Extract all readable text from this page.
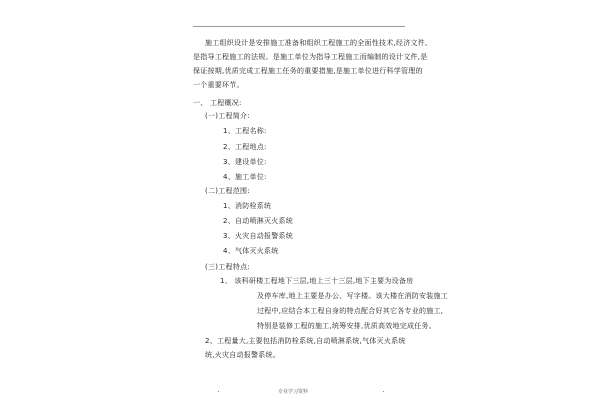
施工组织设计是安排施工准备和组织工程施工的全面性技术,经济文件,
是指导工程施工的法规。是施工单位为指导工程施工而编制的设计文件,是
保证按期,优质完成工程施工任务的重要措施,是施工单位进行科学管理的
一个重要环节。
一、 工程概况:
(一)工程简介:
1、工程名称:
2、工程地点:
3、建设单位:
4、施工单位:
(二)工程范围:
1、消防栓系统
2、自动喷淋灭火系统
3、火灾自动报警系统
4、气体灭火系统
(三)工程特点:
1、 该科研楼工程地下三层,地上三十三层,地下主要为设备房
及停车库,地上主要是办公、写字楼。该大楼在消防安装施工
过程中,应结合本工程自身的特点配合好其它各专业的施工,
特别是装修工程的施工,统筹安排,优质高效地完成任务。
2、工程量大,主要包括消防栓系统,自动喷淋系统,气体灭火系统
统,火灾自动报警系统。
专业学习资料
